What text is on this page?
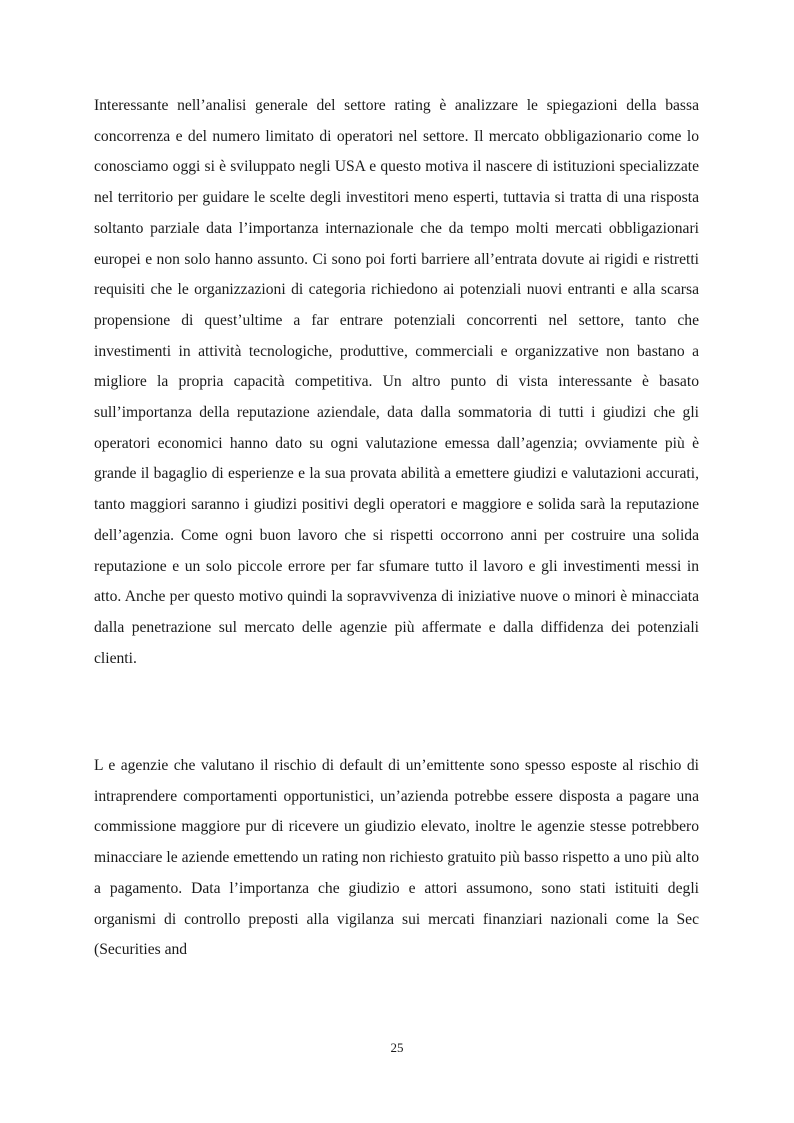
Interessante nell’analisi generale del settore rating è analizzare le spiegazioni della bassa concorrenza e del numero limitato di operatori nel settore. Il mercato obbligazionario come lo conosciamo oggi si è sviluppato negli USA e questo motiva il nascere di istituzioni specializzate nel territorio per guidare le scelte degli investitori meno esperti, tuttavia si tratta di una risposta soltanto parziale data l’importanza internazionale che da tempo molti mercati obbligazionari europei e non solo hanno assunto. Ci sono poi forti barriere all’entrata dovute ai rigidi e ristretti requisiti che le organizzazioni di categoria richiedono ai potenziali nuovi entranti e alla scarsa propensione di quest’ultime a far entrare potenziali concorrenti nel settore, tanto che investimenti in attività tecnologiche, produttive, commerciali e organizzative non bastano a migliore la propria capacità competitiva. Un altro punto di vista interessante è basato sull’importanza della reputazione aziendale, data dalla sommatoria di tutti i giudizi che gli operatori economici hanno dato su ogni valutazione emessa dall’agenzia; ovviamente più è grande il bagaglio di esperienze e la sua provata abilità a emettere giudizi e valutazioni accurati, tanto maggiori saranno i giudizi positivi degli operatori e maggiore e solida sarà la reputazione dell’agenzia. Come ogni buon lavoro che si rispetti occorrono anni per costruire una solida reputazione e un solo piccole errore per far sfumare tutto il lavoro e gli investimenti messi in atto. Anche per questo motivo quindi la sopravvivenza di iniziative nuove o minori è minacciata dalla penetrazione sul mercato delle agenzie più affermate e dalla diffidenza dei potenziali clienti.

L e agenzie che valutano il rischio di default di un’emittente sono spesso esposte al rischio di intraprendere comportamenti opportunistici, un’azienda potrebbe essere disposta a pagare una commissione maggiore pur di ricevere un giudizio elevato, inoltre le agenzie stesse potrebbero minacciare le aziende emettendo un rating non richiesto gratuito più basso rispetto a uno più alto a pagamento. Data l’importanza che giudizio e attori assumono, sono stati istituiti degli organismi di controllo preposti alla vigilanza sui mercati finanziari nazionali come la Sec (Securities and

25
